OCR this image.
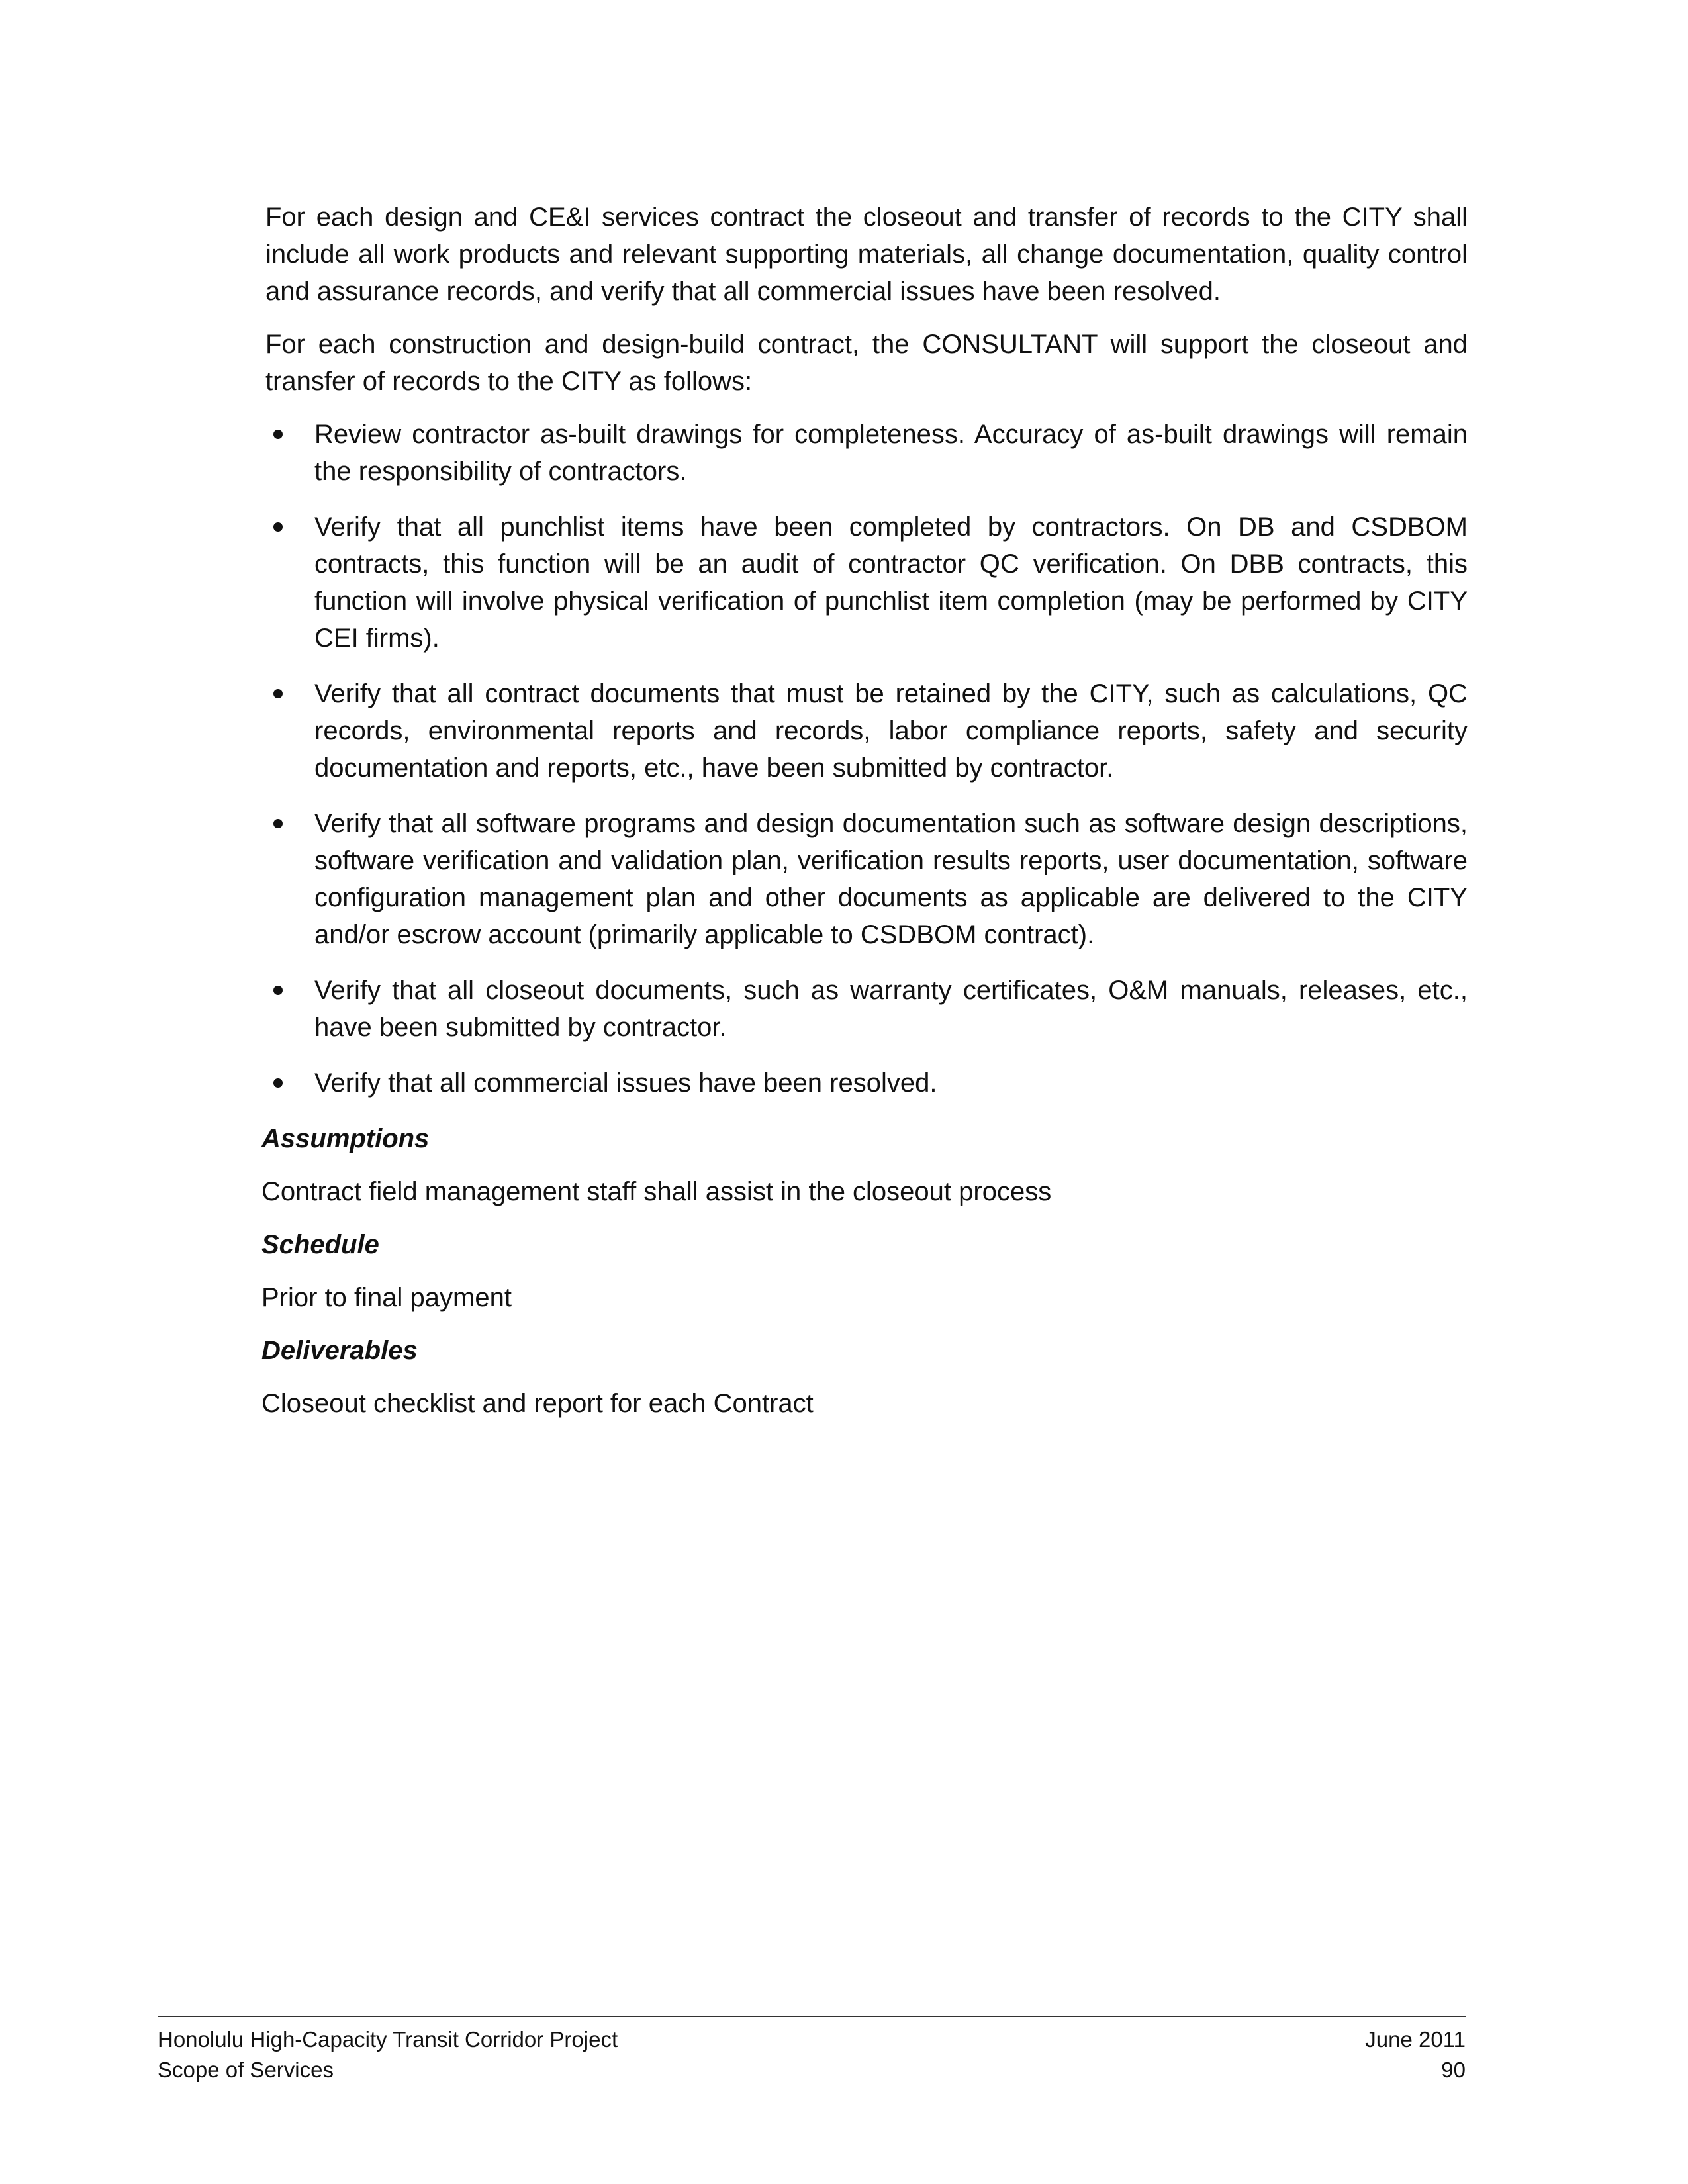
For each design and CE&I services contract the closeout and transfer of records to the CITY shall include all work products and relevant supporting materials, all change documentation, quality control and assurance records, and verify that all commercial issues have been resolved.

For each construction and design-build contract, the CONSULTANT will support the closeout and transfer of records to the CITY as follows:

Review contractor as-built drawings for completeness. Accuracy of as-built drawings will remain the responsibility of contractors.
Verify that all punchlist items have been completed by contractors. On DB and CSDBOM contracts, this function will be an audit of contractor QC verification. On DBB contracts, this function will involve physical verification of punchlist item completion (may be performed by CITY CEI firms).
Verify that all contract documents that must be retained by the CITY, such as calculations, QC records, environmental reports and records, labor compliance reports, safety and security documentation and reports, etc., have been submitted by contractor.
Verify that all software programs and design documentation such as software design descriptions, software verification and validation plan, verification results reports, user documentation, software configuration management plan and other documents as applicable are delivered to the CITY and/or escrow account (primarily applicable to CSDBOM contract).
Verify that all closeout documents, such as warranty certificates, O&M manuals, releases, etc., have been submitted by contractor.
Verify that all commercial issues have been resolved.
Assumptions
Contract field management staff shall assist in the closeout process
Schedule
Prior to final payment
Deliverables
Closeout checklist and report for each Contract
Honolulu High-Capacity Transit Corridor Project
Scope of Services
June 2011
90
